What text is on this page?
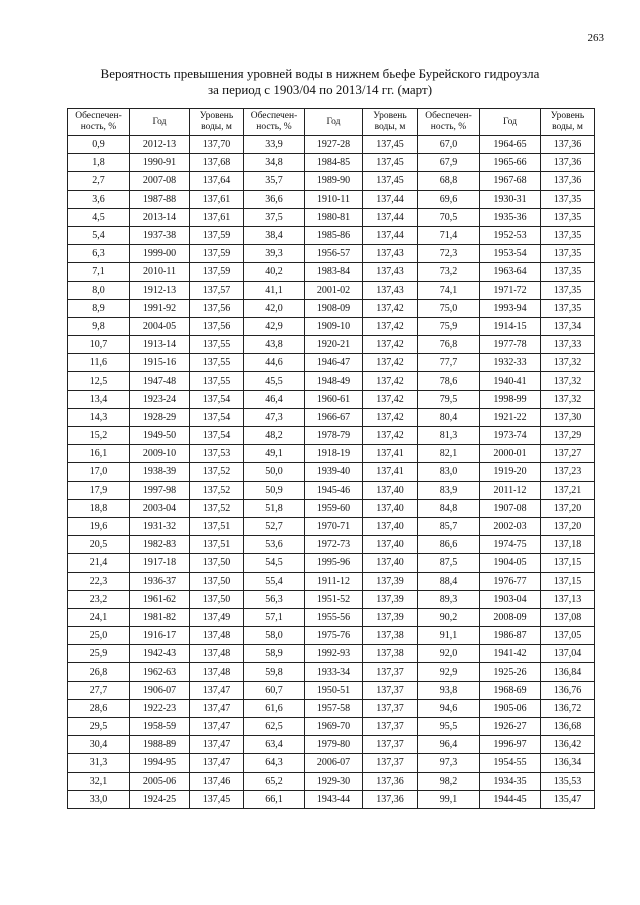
263
Вероятность превышения уровней воды в нижнем бьефе Бурейского гидроузла
за период с 1903/04 по 2013/14 гг. (март)
Обеспечен-ность, %	Год	Уровень воды, м	Обеспечен-ность, %	Год	Уровень воды, м	Обеспечен-ность, %	Год	Уровень воды, м
0,9	2012-13	137,70	33,9	1927-28	137,45	67,0	1964-65	137,36
1,8	1990-91	137,68	34,8	1984-85	137,45	67,9	1965-66	137,36
2,7	2007-08	137,64	35,7	1989-90	137,45	68,8	1967-68	137,36
3,6	1987-88	137,61	36,6	1910-11	137,44	69,6	1930-31	137,35
4,5	2013-14	137,61	37,5	1980-81	137,44	70,5	1935-36	137,35
5,4	1937-38	137,59	38,4	1985-86	137,44	71,4	1952-53	137,35
6,3	1999-00	137,59	39,3	1956-57	137,43	72,3	1953-54	137,35
7,1	2010-11	137,59	40,2	1983-84	137,43	73,2	1963-64	137,35
8,0	1912-13	137,57	41,1	2001-02	137,43	74,1	1971-72	137,35
8,9	1991-92	137,56	42,0	1908-09	137,42	75,0	1993-94	137,35
9,8	2004-05	137,56	42,9	1909-10	137,42	75,9	1914-15	137,34
10,7	1913-14	137,55	43,8	1920-21	137,42	76,8	1977-78	137,33
11,6	1915-16	137,55	44,6	1946-47	137,42	77,7	1932-33	137,32
12,5	1947-48	137,55	45,5	1948-49	137,42	78,6	1940-41	137,32
13,4	1923-24	137,54	46,4	1960-61	137,42	79,5	1998-99	137,32
14,3	1928-29	137,54	47,3	1966-67	137,42	80,4	1921-22	137,30
15,2	1949-50	137,54	48,2	1978-79	137,42	81,3	1973-74	137,29
16,1	2009-10	137,53	49,1	1918-19	137,41	82,1	2000-01	137,27
17,0	1938-39	137,52	50,0	1939-40	137,41	83,0	1919-20	137,23
17,9	1997-98	137,52	50,9	1945-46	137,40	83,9	2011-12	137,21
18,8	2003-04	137,52	51,8	1959-60	137,40	84,8	1907-08	137,20
19,6	1931-32	137,51	52,7	1970-71	137,40	85,7	2002-03	137,20
20,5	1982-83	137,51	53,6	1972-73	137,40	86,6	1974-75	137,18
21,4	1917-18	137,50	54,5	1995-96	137,40	87,5	1904-05	137,15
22,3	1936-37	137,50	55,4	1911-12	137,39	88,4	1976-77	137,15
23,2	1961-62	137,50	56,3	1951-52	137,39	89,3	1903-04	137,13
24,1	1981-82	137,49	57,1	1955-56	137,39	90,2	2008-09	137,08
25,0	1916-17	137,48	58,0	1975-76	137,38	91,1	1986-87	137,05
25,9	1942-43	137,48	58,9	1992-93	137,38	92,0	1941-42	137,04
26,8	1962-63	137,48	59,8	1933-34	137,37	92,9	1925-26	136,84
27,7	1906-07	137,47	60,7	1950-51	137,37	93,8	1968-69	136,76
28,6	1922-23	137,47	61,6	1957-58	137,37	94,6	1905-06	136,72
29,5	1958-59	137,47	62,5	1969-70	137,37	95,5	1926-27	136,68
30,4	1988-89	137,47	63,4	1979-80	137,37	96,4	1996-97	136,42
31,3	1994-95	137,47	64,3	2006-07	137,37	97,3	1954-55	136,34
32,1	2005-06	137,46	65,2	1929-30	137,36	98,2	1934-35	135,53
33,0	1924-25	137,45	66,1	1943-44	137,36	99,1	1944-45	135,47
